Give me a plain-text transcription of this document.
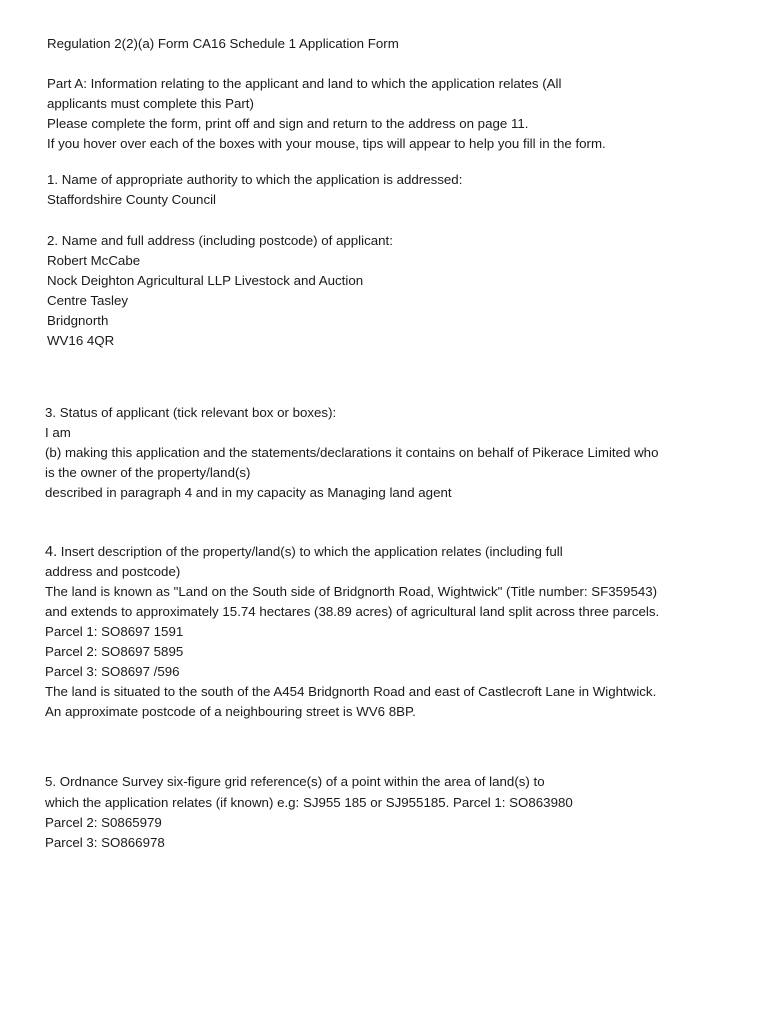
Regulation 2(2)(a) Form CA16 Schedule 1 Application Form
Part A: Information relating to the applicant and land to which the application relates (All
applicants must complete this Part)
Please complete the form, print off and sign and return to the address on page 11.
If you hover over each of the boxes with your mouse, tips will appear to help you fill in the form.
1. Name of appropriate authority to which the application is addressed:
Staffordshire County Council
2. Name and full address (including postcode) of applicant:
Robert McCabe
Nock Deighton Agricultural LLP Livestock and Auction
Centre Tasley
Bridgnorth
WV16 4QR
3. Status of applicant (tick relevant box or boxes):
I am
(b) making this application and the statements/declarations it contains on behalf of Pikerace Limited who
is the owner of the property/land(s)
described in paragraph 4 and in my capacity as Managing land agent
4. Insert description of the property/land(s) to which the application relates (including full
address and postcode)
The land is known as "Land on the South side of Bridgnorth Road, Wightwick" (Title number: SF359543)
and extends to approximately 15.74 hectares (38.89 acres) of agricultural land split across three parcels.
Parcel 1: SO8697 1591
Parcel 2: SO8697 5895
Parcel 3: SO8697 /596
The land is situated to the south of the A454 Bridgnorth Road and east of Castlecroft Lane in Wightwick.
An approximate postcode of a neighbouring street is WV6 8BP.
5. Ordnance Survey six-figure grid reference(s) of a point within the area of land(s) to
which the application relates (if known) e.g: SJ955 185 or SJ955185. Parcel 1: SO863980
Parcel 2: S0865979
Parcel 3: SO866978
